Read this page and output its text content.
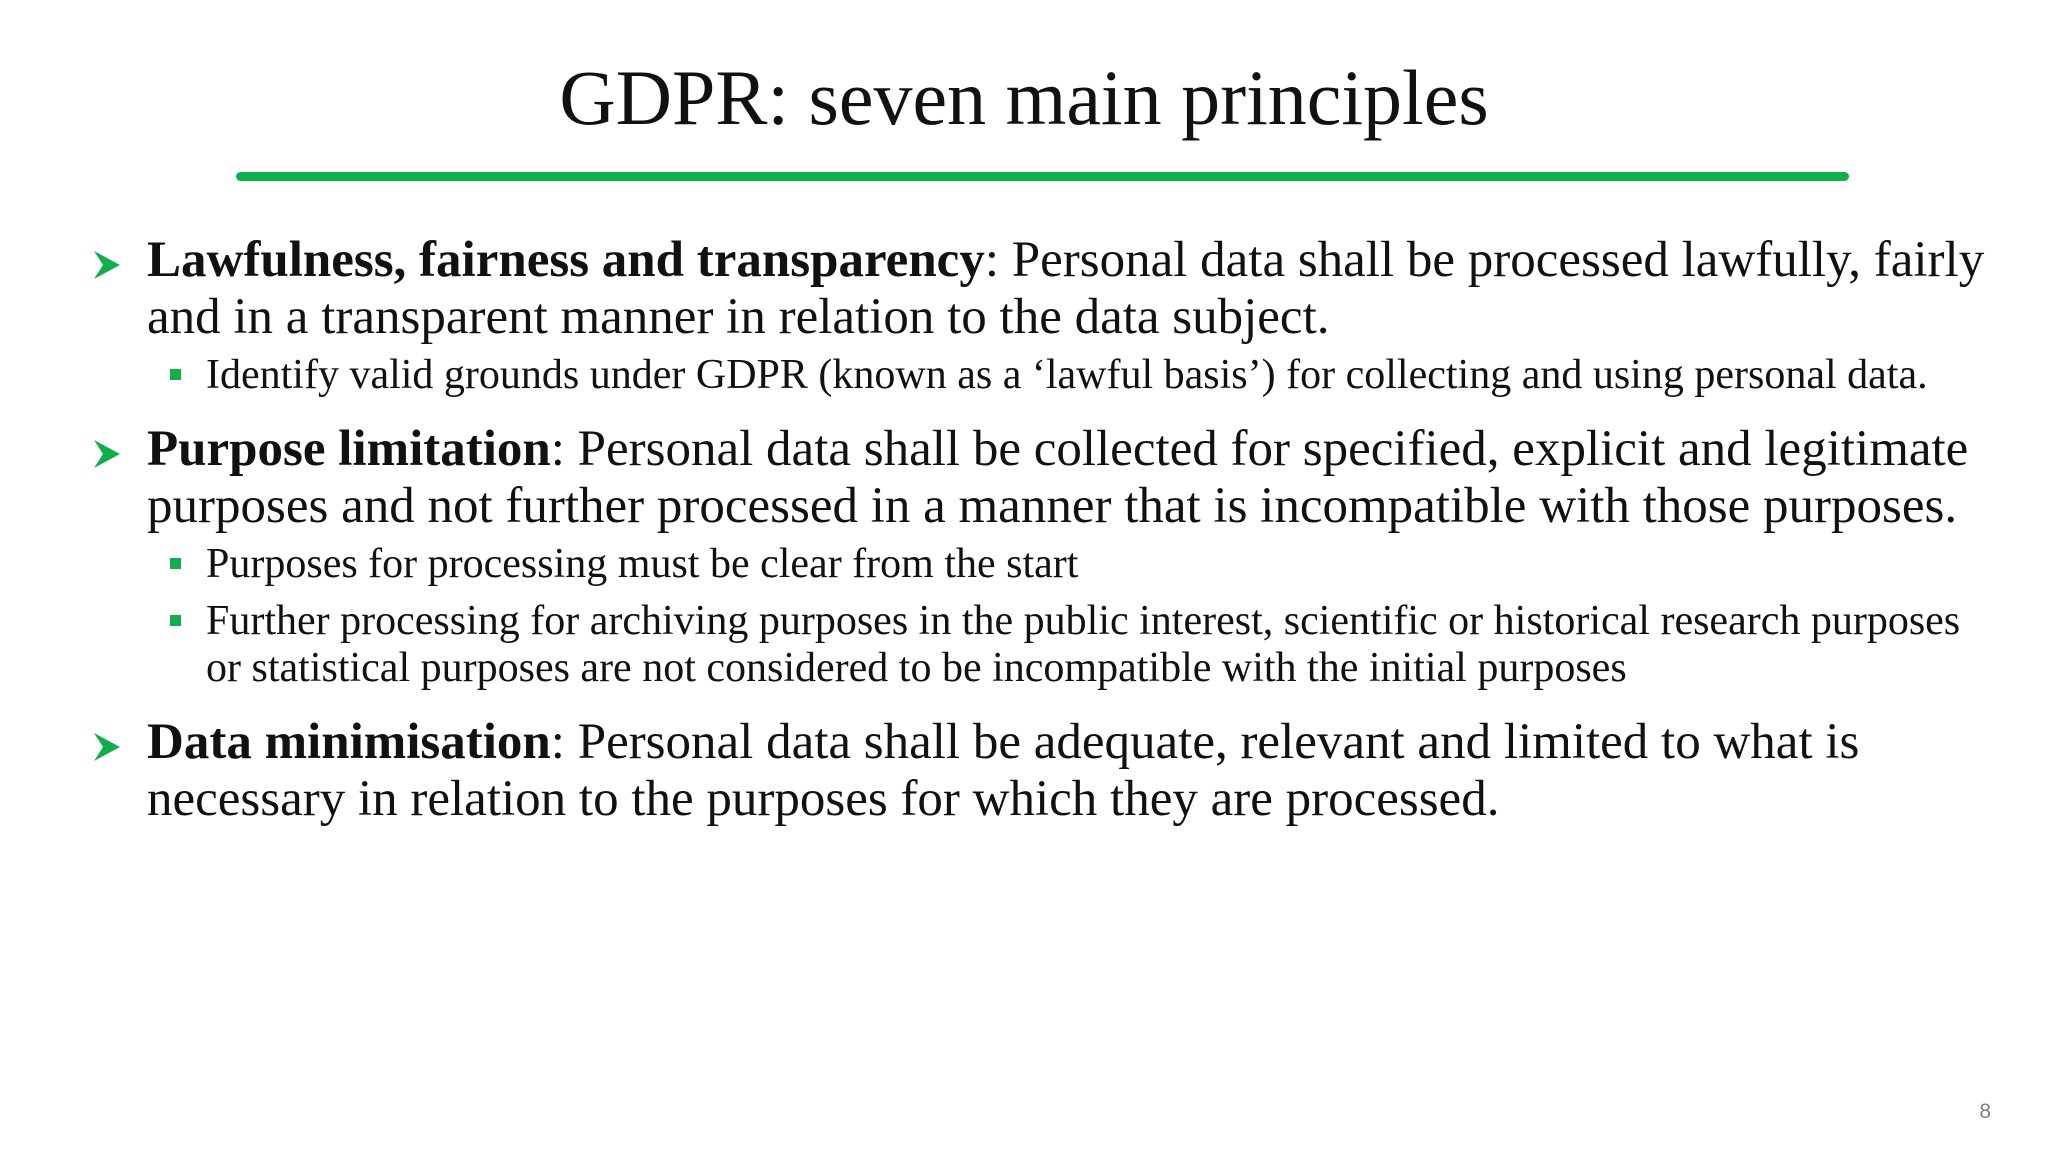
GDPR: seven main principles
Lawfulness, fairness and transparency: Personal data shall be processed lawfully, fairly and in a transparent manner in relation to the data subject.
Identify valid grounds under GDPR (known as a ‘lawful basis’) for collecting and using personal data.
Purpose limitation: Personal data shall be collected for specified, explicit and legitimate purposes and not further processed in a manner that is incompatible with those purposes.
Purposes for processing must be clear from the start
Further processing for archiving purposes in the public interest, scientific or historical research purposes or statistical purposes are not considered to be incompatible with the initial purposes
Data minimisation: Personal data shall be adequate, relevant and limited to what is necessary in relation to the purposes for which they are processed.
8
